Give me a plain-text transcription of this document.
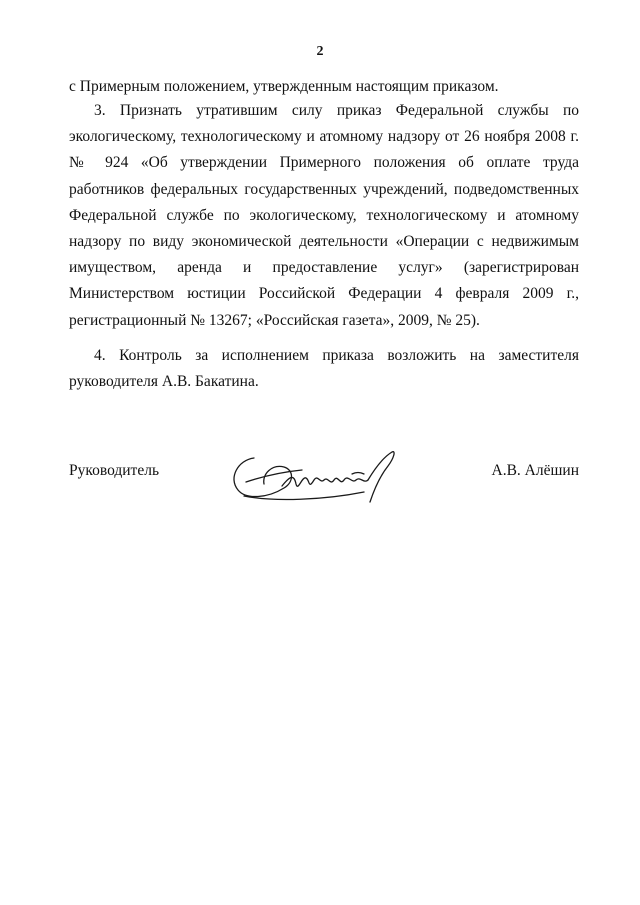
2

с Примерным положением, утвержденным настоящим приказом.

3. Признать утратившим силу приказ Федеральной службы по экологическому, технологическому и атомному надзору от 26 ноября 2008 г. № 924 «Об утверждении Примерного положения об оплате труда работников федеральных государственных учреждений, подведомственных Федеральной службе по экологическому, технологическому и атомному надзору по виду экономической деятельности «Операции с недвижимым имуществом, аренда и предоставление услуг» (зарегистрирован Министерством юстиции Российской Федерации 4 февраля 2009 г., регистрационный № 13267; «Российская газета», 2009, № 25).

4. Контроль за исполнением приказа возложить на заместителя руководителя А.В. Бакатина.

Руководитель	А.В. Алёшин
